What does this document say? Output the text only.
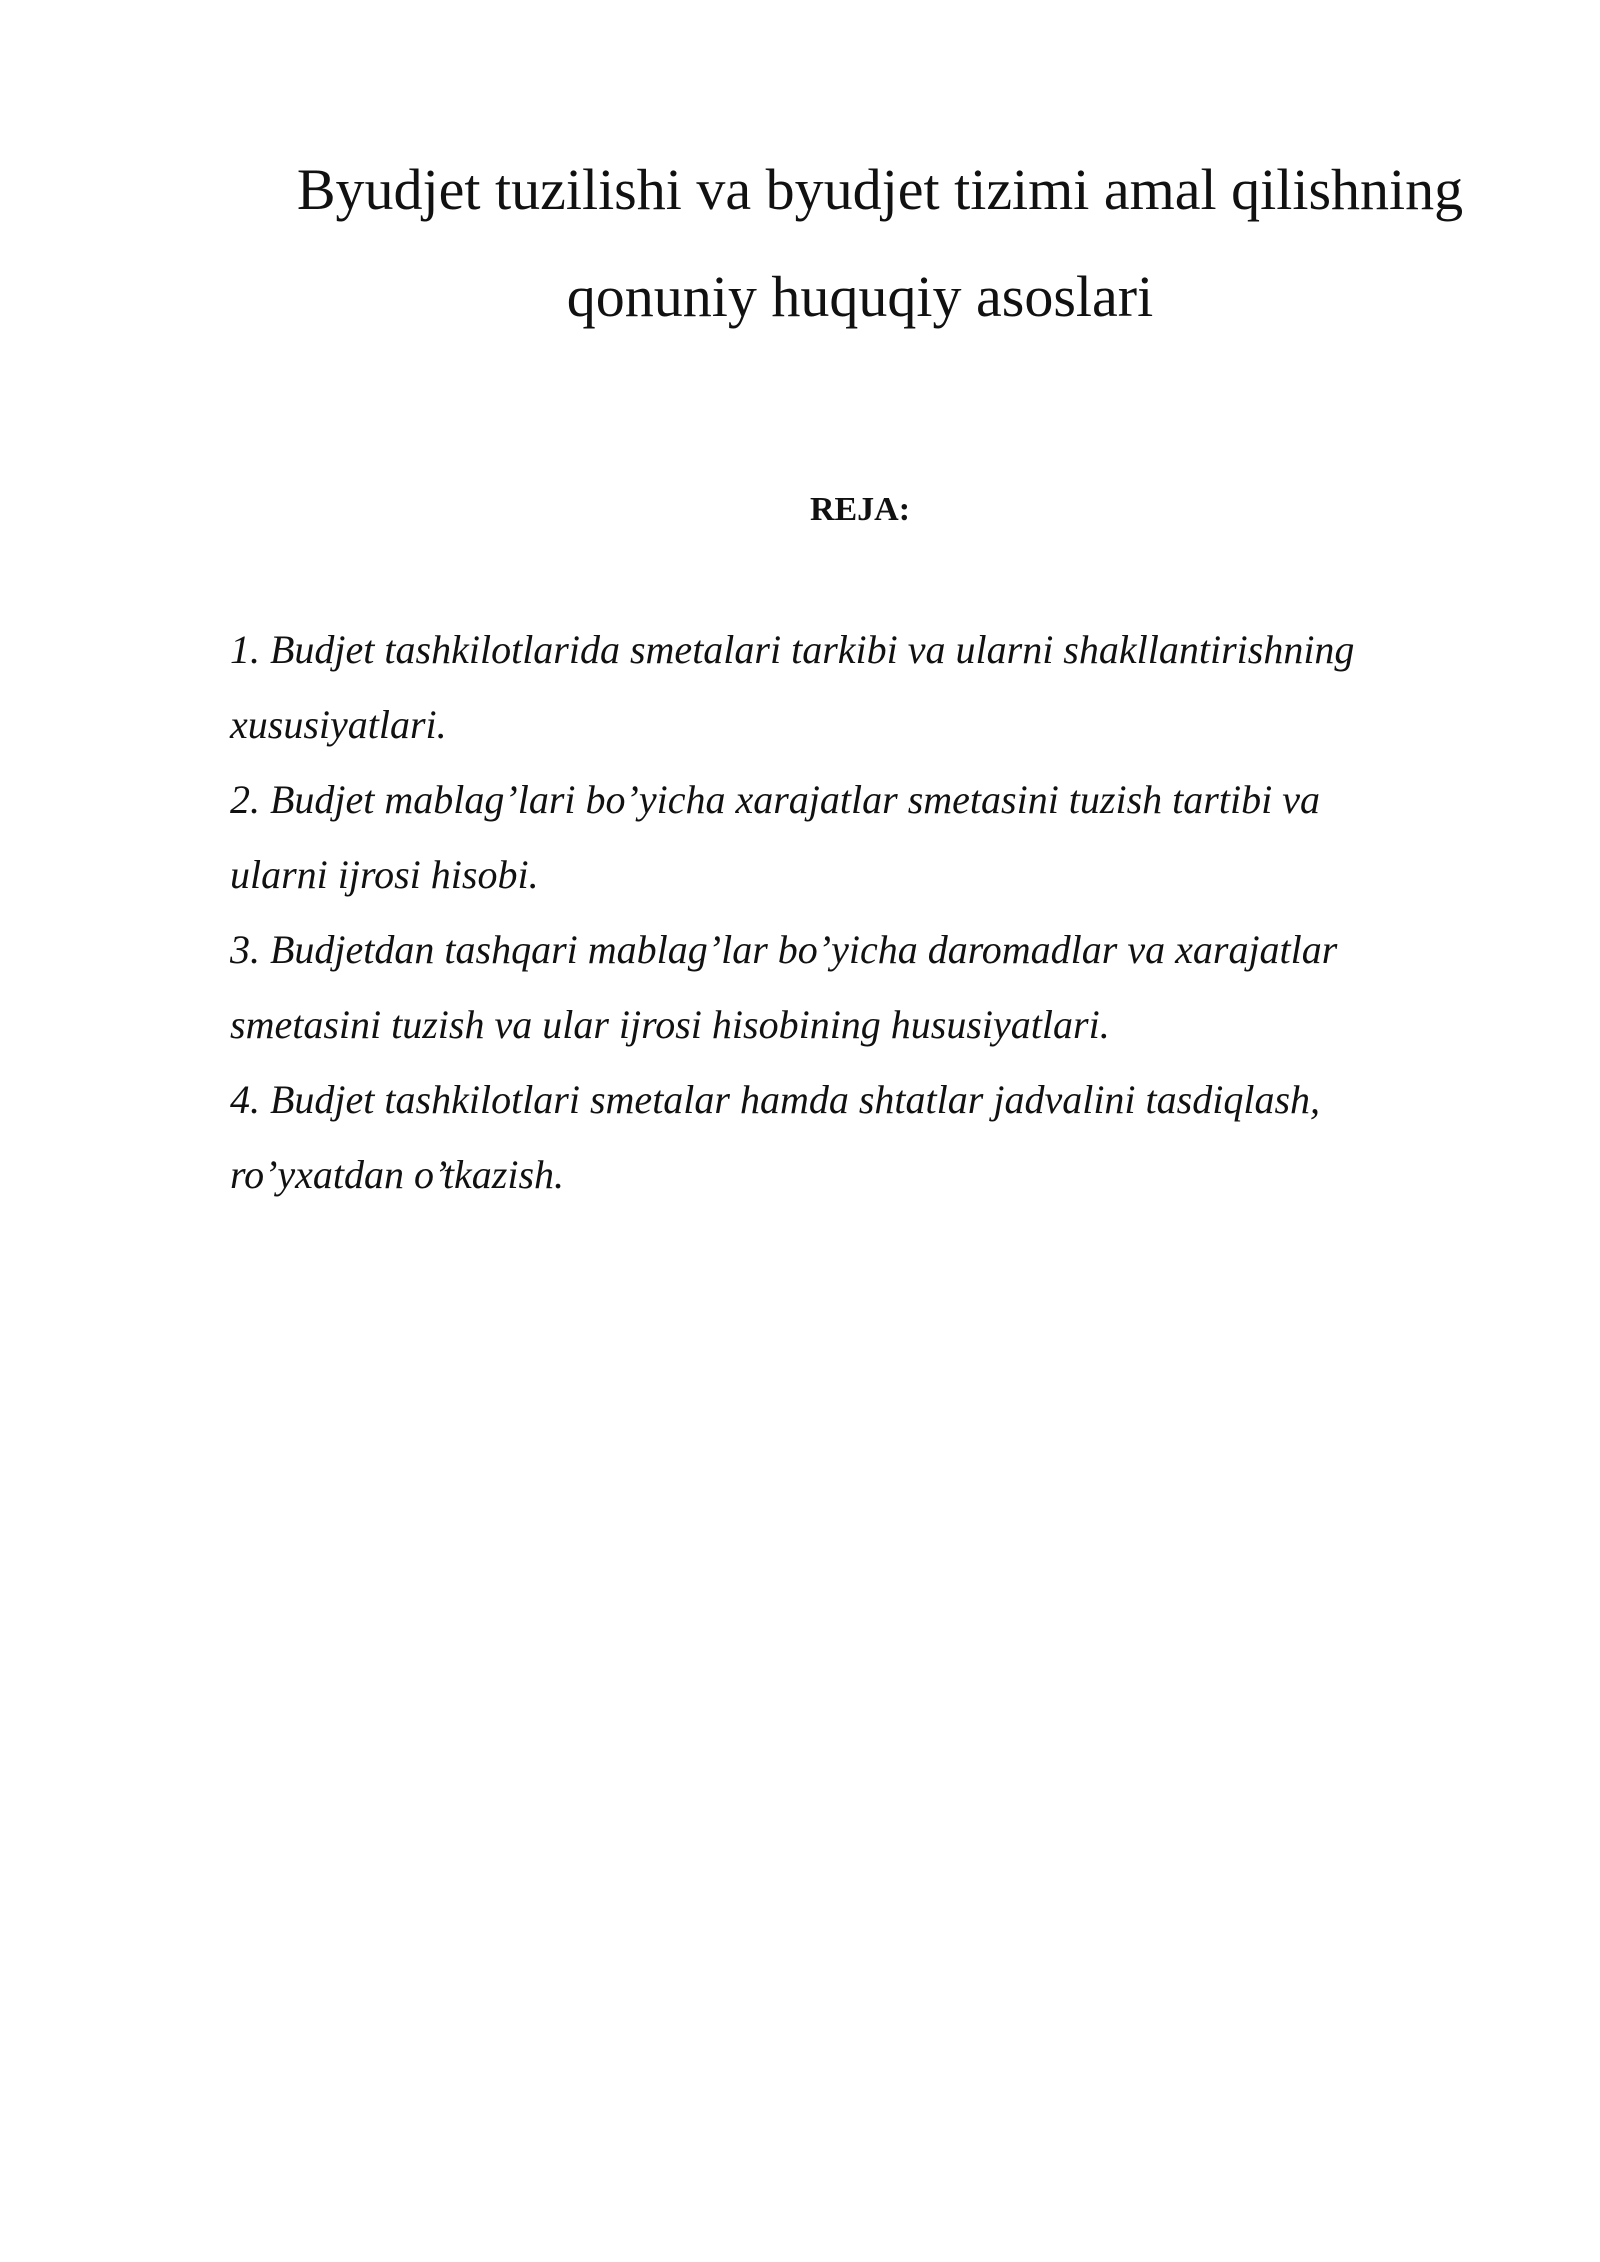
Byudjet tuzilishi va byudjet tizimi amal qilishning
qonuniy huquqiy asoslari
REJA:
1. Budjet tashkilotlarida smetalari tarkibi va ularni shakllantirishning
xususiyatlari.
2. Budjet mablag’lari bo’yicha xarajatlar smetasini tuzish tartibi va
ularni ijrosi hisobi.
3. Budjetdan tashqari mablag’lar bo’yicha daromadlar va xarajatlar
smetasini tuzish va ular ijrosi hisobining hususiyatlari.
4. Budjet tashkilotlari smetalar hamda shtatlar jadvalini tasdiqlash,
ro’yxatdan o’tkazish.
